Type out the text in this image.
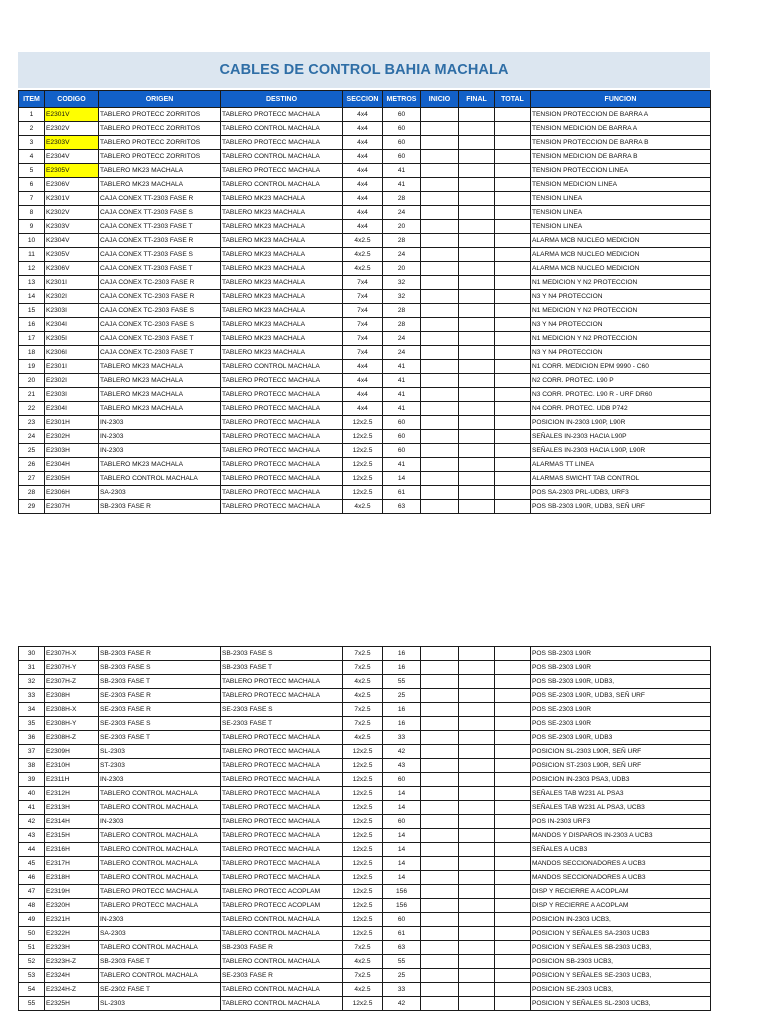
CABLES DE CONTROL BAHIA MACHALA
ITEM	CODIGO	ORIGEN	DESTINO	SECCION	METROS	INICIO	FINAL	TOTAL	FUNCION
1	E2301V	TABLERO PROTECC ZORRITOS	TABLERO PROTECC MACHALA	4x4	60				TENSION PROTECCION DE BARRA A
2	E2302V	TABLERO PROTECC ZORRITOS	TABLERO CONTROL MACHALA	4x4	60				TENSION MEDICION DE BARRA A
3	E2303V	TABLERO PROTECC ZORRITOS	TABLERO PROTECC MACHALA	4x4	60				TENSION PROTECCION DE BARRA B
4	E2304V	TABLERO PROTECC ZORRITOS	TABLERO CONTROL MACHALA	4x4	60				TENSION MEDICION DE BARRA B
5	E2305V	TABLERO MK23 MACHALA	TABLERO PROTECC MACHALA	4x4	41				TENSION PROTECCION LINEA
6	E2306V	TABLERO MK23 MACHALA	TABLERO CONTROL MACHALA	4x4	41				TENSION MEDICION LINEA
7	K2301V	CAJA CONEX TT-2303 FASE R	TABLERO MK23 MACHALA	4x4	28				TENSION LINEA
8	K2302V	CAJA CONEX TT-2303 FASE S	TABLERO MK23 MACHALA	4x4	24				TENSION LINEA
9	K2303V	CAJA CONEX TT-2303 FASE T	TABLERO MK23 MACHALA	4x4	20				TENSION LINEA
10	K2304V	CAJA CONEX TT-2303 FASE R	TABLERO MK23 MACHALA	4x2.5	28				ALARMA MCB NUCLEO MEDICION
11	K2305V	CAJA CONEX TT-2303 FASE S	TABLERO MK23 MACHALA	4x2.5	24				ALARMA MCB NUCLEO MEDICION
12	K2306V	CAJA CONEX TT-2303 FASE T	TABLERO MK23 MACHALA	4x2.5	20				ALARMA MCB NUCLEO MEDICION
13	K2301I	CAJA CONEX TC-2303 FASE R	TABLERO MK23 MACHALA	7x4	32				N1 MEDICION Y N2 PROTECCION
14	K2302I	CAJA CONEX TC-2303 FASE R	TABLERO MK23 MACHALA	7x4	32				N3 Y N4 PROTECCION
15	K2303I	CAJA CONEX TC-2303 FASE S	TABLERO MK23 MACHALA	7x4	28				N1 MEDICION Y N2 PROTECCION
16	K2304I	CAJA CONEX TC-2303 FASE S	TABLERO MK23 MACHALA	7x4	28				N3 Y N4 PROTECCION
17	K2305I	CAJA CONEX TC-2303 FASE T	TABLERO MK23 MACHALA	7x4	24				N1 MEDICION Y N2 PROTECCION
18	K2306I	CAJA CONEX TC-2303 FASE T	TABLERO MK23 MACHALA	7x4	24				N3 Y N4 PROTECCION
19	E2301I	TABLERO MK23 MACHALA	TABLERO CONTROL MACHALA	4x4	41				N1 CORR. MEDICION EPM 9990 - C60
20	E2302I	TABLERO MK23 MACHALA	TABLERO PROTECC MACHALA	4x4	41				N2 CORR. PROTEC. L90 P
21	E2303I	TABLERO MK23 MACHALA	TABLERO PROTECC MACHALA	4x4	41				N3 CORR. PROTEC. L90 R - URF DR60
22	E2304I	TABLERO MK23 MACHALA	TABLERO PROTECC MACHALA	4x4	41				N4 CORR. PROTEC. UDB P742
23	E2301H	IN-2303	TABLERO PROTECC MACHALA	12x2.5	60				POSICION IN-2303 L90P, L90R
24	E2302H	IN-2303	TABLERO PROTECC MACHALA	12x2.5	60				SEÑALES IN-2303 HACIA L90P
25	E2303H	IN-2303	TABLERO PROTECC MACHALA	12x2.5	60				SEÑALES IN-2303 HACIA L90P, L90R
26	E2304H	TABLERO MK23 MACHALA	TABLERO PROTECC MACHALA	12x2.5	41				ALARMAS TT LINEA
27	E2305H	TABLERO CONTROL MACHALA	TABLERO PROTECC MACHALA	12x2.5	14				ALARMAS SWICHT TAB CONTROL
28	E2306H	SA-2303	TABLERO PROTECC MACHALA	12x2.5	61				POS SA-2303 PRL-UDB3, URF3
29	E2307H	SB-2303 FASE R	TABLERO PROTECC MACHALA	4x2.5	63				POS SB-2303 L90R, UDB3, SEÑ URF
30	E2307H-X	SB-2303 FASE R	SB-2303 FASE S	7x2.5	16				POS SB-2303 L90R
31	E2307H-Y	SB-2303 FASE S	SB-2303 FASE T	7x2.5	16				POS SB-2303 L90R
32	E2307H-Z	SB-2303 FASE T	TABLERO PROTECC MACHALA	4x2.5	55				POS SB-2303 L90R, UDB3,
33	E2308H	SE-2303 FASE R	TABLERO PROTECC MACHALA	4x2.5	25				POS SE-2303 L90R, UDB3, SEÑ URF
34	E2308H-X	SE-2303 FASE R	SE-2303 FASE S	7x2.5	16				POS SE-2303 L90R
35	E2308H-Y	SE-2303 FASE S	SE-2303 FASE T	7x2.5	16				POS SE-2303 L90R
36	E2308H-Z	SE-2303 FASE T	TABLERO PROTECC MACHALA	4x2.5	33				POS SE-2303 L90R, UDB3
37	E2309H	SL-2303	TABLERO PROTECC MACHALA	12x2.5	42				POSICION SL-2303 L90R, SEÑ URF
38	E2310H	ST-2303	TABLERO PROTECC MACHALA	12x2.5	43				POSICION ST-2303 L90R, SEÑ URF
39	E2311H	IN-2303	TABLERO PROTECC MACHALA	12x2.5	60				POSICION IN-2303 PSA3, UDB3
40	E2312H	TABLERO CONTROL MACHALA	TABLERO PROTECC MACHALA	12x2.5	14				SEÑALES TAB W231 AL PSA3
41	E2313H	TABLERO CONTROL MACHALA	TABLERO PROTECC MACHALA	12x2.5	14				SEÑALES TAB W231 AL PSA3, UCB3
42	E2314H	IN-2303	TABLERO PROTECC MACHALA	12x2.5	60				POS IN-2303 URF3
43	E2315H	TABLERO CONTROL MACHALA	TABLERO PROTECC MACHALA	12x2.5	14				MANDOS Y DISPAROS IN-2303 A UCB3
44	E2316H	TABLERO CONTROL MACHALA	TABLERO PROTECC MACHALA	12x2.5	14				SEÑALES A UCB3
45	E2317H	TABLERO CONTROL MACHALA	TABLERO PROTECC MACHALA	12x2.5	14				MANDOS SECCIONADORES A UCB3
46	E2318H	TABLERO CONTROL MACHALA	TABLERO PROTECC MACHALA	12x2.5	14				MANDOS SECCIONADORES A UCB3
47	E2319H	TABLERO PROTECC MACHALA	TABLERO PROTECC ACOPLAM	12x2.5	156				DISP Y RECIERRE A ACOPLAM
48	E2320H	TABLERO PROTECC MACHALA	TABLERO PROTECC ACOPLAM	12x2.5	156				DISP Y RECIERRE A ACOPLAM
49	E2321H	IN-2303	TABLERO CONTROL MACHALA	12x2.5	60				POSICION IN-2303 UCB3,
50	E2322H	SA-2303	TABLERO CONTROL MACHALA	12x2.5	61				POSICION Y SEÑALES SA-2303 UCB3
51	E2323H	TABLERO CONTROL MACHALA	SB-2303 FASE R	7x2.5	63				POSICION Y SEÑALES SB-2303 UCB3,
52	E2323H-Z	SB-2303 FASE T	TABLERO CONTROL MACHALA	4x2.5	55				POSICION SB-2303 UCB3,
53	E2324H	TABLERO CONTROL MACHALA	SE-2303 FASE R	7x2.5	25				POSICION Y SEÑALES SE-2303 UCB3,
54	E2324H-Z	SE-2302 FASE T	TABLERO CONTROL MACHALA	4x2.5	33				POSICION SE-2303 UCB3,
55	E2325H	SL-2303	TABLERO CONTROL MACHALA	12x2.5	42				POSICION Y SEÑALES SL-2303 UCB3,
